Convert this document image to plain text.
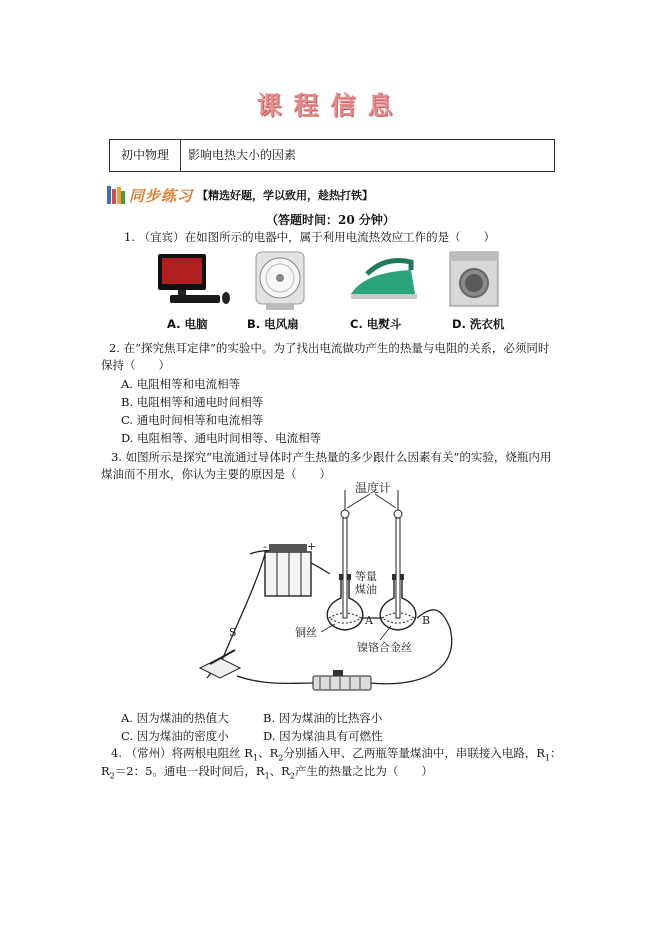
课程信息
初中物理	影响电热大小的因素
同步练习 【精选好题，学以致用，趁热打铁】
（答题时间：20 分钟）
1. （宜宾）在如图所示的电器中，属于利用电流热效应工作的是（　　）
A. 电脑	B. 电风扇	C. 电熨斗	D. 洗衣机
2. 在“探究焦耳定律”的实验中。为了找出电流做功产生的热量与电阻的关系，必须同时
保持（　　）
A. 电阻相等和电流相等
B. 电阻相等和通电时间相等
C. 通电时间相等和电流相等
D. 电阻相等、通电时间相等、电流相等
3. 如图所示是探究“电流通过导体时产生热量的多少跟什么因素有关”的实验，烧瓶内用
煤油而不用水，你认为主要的原因是（　　）
-	+
S
温度计
等量煤油
A	B
铜丝
镍铬合金丝
A. 因为煤油的热值大	B. 因为煤油的比热容小
C. 因为煤油的密度小	D. 因为煤油具有可燃性
4. （常州）将两根电阻丝 $R_1$、$R_2$分别插入甲、乙两瓶等量煤油中，串联接入电路，$R_1$：
$R_2=2$：5。通电一段时间后，$R_1$、$R_2$产生的热量之比为（　　）
